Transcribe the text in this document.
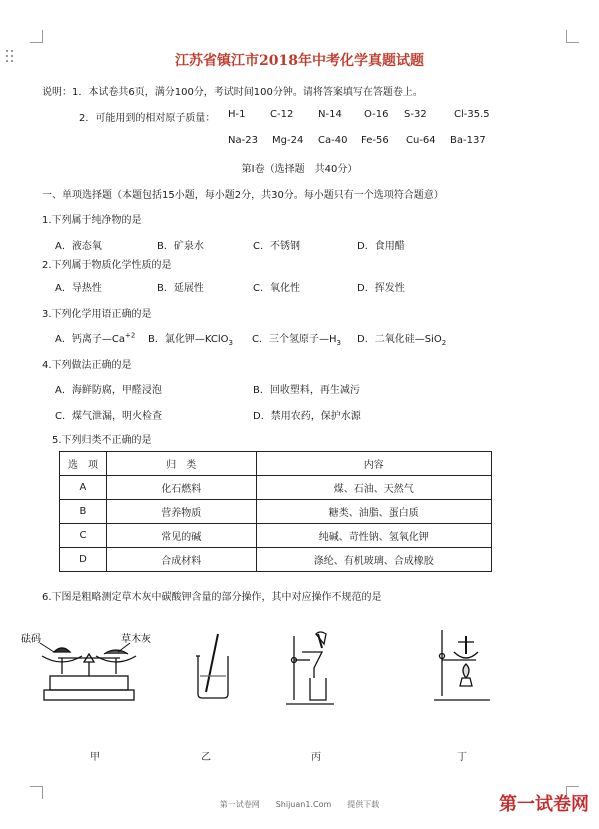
江苏省镇江市2018年中考化学真题试题
说明：1．本试卷共6页，满分100分，考试时间100分钟。请将答案填写在答题卷上。
2．可能用到的相对原子质量： H-1 C-12 N-14 O-16 S-32	Cl-35.5
Na-23 Mg-24 Ca-40 Fe-56 Cu-64 Ba-137
第Ⅰ卷（选择题　共40分）
一、单项选择题（本题包括15小题，每小题2分，共30分。每小题只有一个选项符合题意）
1.下列属于纯净物的是
A．液态氧	B．矿泉水	C．不锈钢	D．食用醋
2.下列属于物质化学性质的是
A．导热性	B．延展性	C．氧化性	D．挥发性
3.下列化学用语正确的是
A．钙离子$—Ca^{+2}$ B．氯化钾—KClO$_3$ C．三个氢原子$—H_3$ D．二氧化硅—SiO$_2$
4.下列做法正确的是
A．海鲜防腐，甲醛浸泡	B．回收塑料，再生减污
C．煤气泄漏，明火检查	D．禁用农药，保护水源
5.下列归类不正确的是
选　项	归　类	内容
A	化石燃料	煤、石油、天然气
B	营养物质	糖类、油脂、蛋白质
C	常见的碱	纯碱、苛性钠、氢氧化钾
D	合成材料	涤纶、有机玻璃、合成橡胶
6.下图是粗略测定草木灰中碳酸钾含量的部分操作，其中对应操作不规范的是
砝码	草木灰
甲	乙	丙	丁
第一试卷网　　Shijuan1.Com　　提供下载	第一试卷网
